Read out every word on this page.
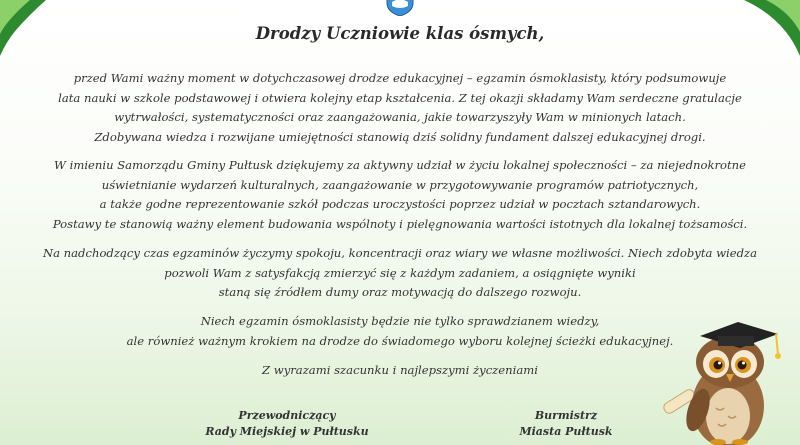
Drodzy Uczniowie klas ósmych,

przed Wami ważny moment w dotychczasowej drodze edukacyjnej – egzamin ósmoklasisty, który podsumowuje
lata nauki w szkole podstawowej i otwiera kolejny etap kształcenia. Z tej okazji składamy Wam serdeczne gratulacje
wytrwałości, systematyczności oraz zaangażowania, jakie towarzyszyły Wam w minionych latach.
Zdobywana wiedza i rozwijane umiejętności stanowią dziś solidny fundament dalszej edukacyjnej drogi.

W imieniu Samorządu Gminy Pułtusk dziękujemy za aktywny udział w życiu lokalnej społeczności – za niejednokrotne
uświetnianie wydarzeń kulturalnych, zaangażowanie w przygotowywanie programów patriotycznych,
a także godne reprezentowanie szkół podczas uroczystości poprzez udział w pocztach sztandarowych.
Postawy te stanowią ważny element budowania wspólnoty i pielęgnowania wartości istotnych dla lokalnej tożsamości.

Na nadchodzący czas egzaminów życzymy spokoju, koncentracji oraz wiary we własne możliwości. Niech zdobyta wiedza
pozwoli Wam z satysfakcją zmierzyć się z każdym zadaniem, a osiągnięte wyniki
staną się źródłem dumy oraz motywacją do dalszego rozwoju.

Niech egzamin ósmoklasisty będzie nie tylko sprawdzianem wiedzy,
ale również ważnym krokiem na drodze do świadomego wyboru kolejnej ścieżki edukacyjnej.

Z wyrazami szacunku i najlepszymi życzeniami

Przewodniczący
Rady Miejskiej w Pułtusku
Burmistrz
Miasta Pułtusk
